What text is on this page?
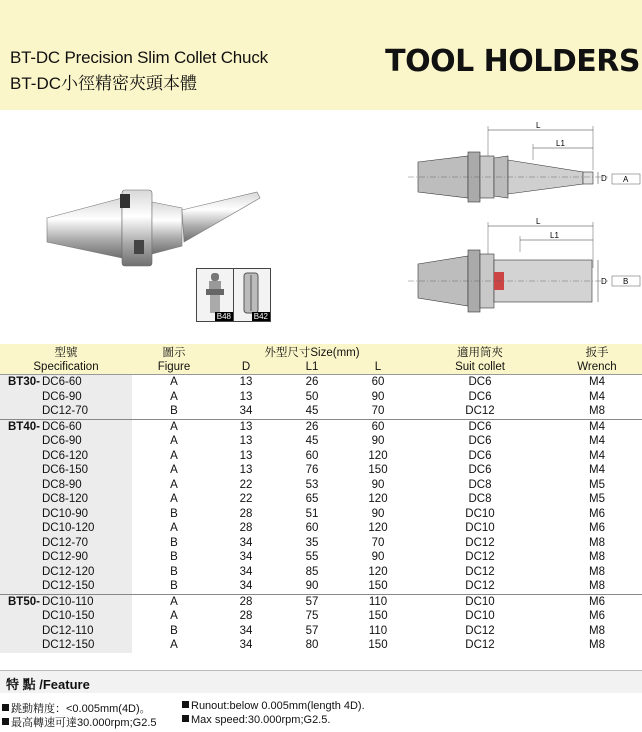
BT-DC Precision Slim Collet Chuck
BT-DC小徑精密夾頭本體
TOOL HOLDERS
B48	B42
L
L1
D A
L
L1
D B
型號	圖示	外型尺寸Size(mm)			適用筒夾	扳手
Specification	Figure	D	L1	L	Suit collet	Wrench
BT30- DC6-60	A	13	26	60	DC6	M4
DC6-90	A	13	50	90	DC6	M4
DC12-70	B	34	45	70	DC12	M8
BT40- DC6-60	A	13	26	60	DC6	M4
DC6-90	A	13	45	90	DC6	M4
DC6-120	A	13	60	120	DC6	M4
DC6-150	A	13	76	150	DC6	M4
DC8-90	A	22	53	90	DC8	M5
DC8-120	A	22	65	120	DC8	M5
DC10-90	B	28	51	90	DC10	M6
DC10-120	A	28	60	120	DC10	M6
DC12-70	B	34	35	70	DC12	M8
DC12-90	B	34	55	90	DC12	M8
DC12-120	B	34	85	120	DC12	M8
DC12-150	B	34	90	150	DC12	M8
BT50- DC10-110	A	28	57	110	DC10	M6
DC10-150	A	28	75	150	DC10	M6
DC12-110	B	34	57	110	DC12	M8
DC12-150	A	34	80	150	DC12	M8
特 點 /Feature
跳動精度：<0.005mm(4D)。	Runout:below 0.005mm(length 4D).
最高轉速可達30.000rpm;G2.5	Max speed:30.000rpm;G2.5.
